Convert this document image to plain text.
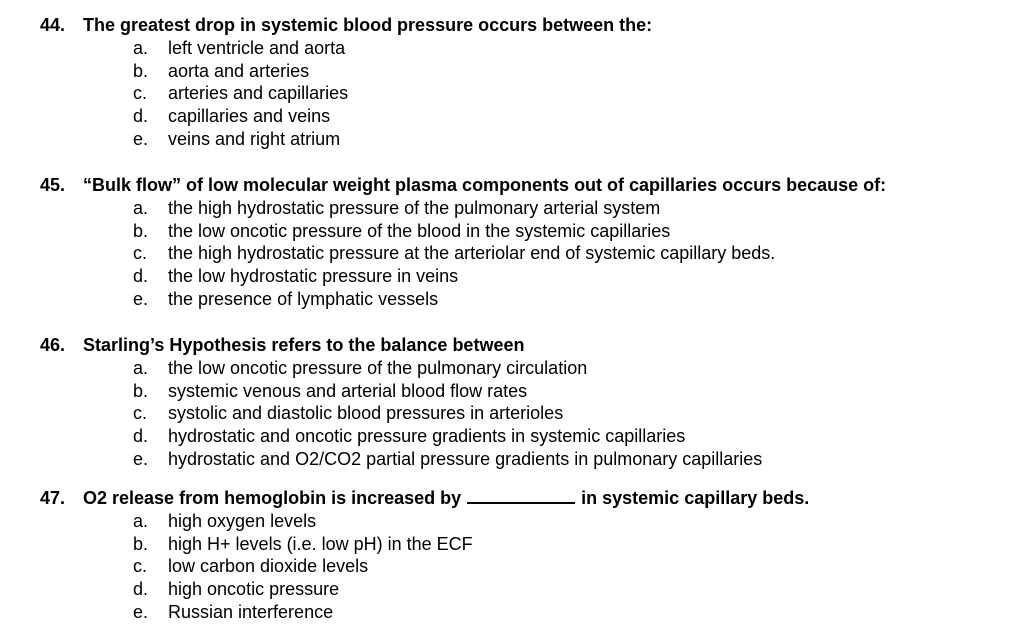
44. The greatest drop in systemic blood pressure occurs between the:
a. left ventricle and aorta
b. aorta and arteries
c. arteries and capillaries
d. capillaries and veins
e. veins and right atrium
45. “Bulk flow” of low molecular weight plasma components out of capillaries occurs because of:
a. the high hydrostatic pressure of the pulmonary arterial system
b. the low oncotic pressure of the blood in the systemic capillaries
c. the high hydrostatic pressure at the arteriolar end of systemic capillary beds.
d. the low hydrostatic pressure in veins
e. the presence of lymphatic vessels
46. Starling’s Hypothesis refers to the balance between
a. the low oncotic pressure of the pulmonary circulation
b. systemic venous and arterial blood flow rates
c. systolic and diastolic blood pressures in arterioles
d. hydrostatic and oncotic pressure gradients in systemic capillaries
e. hydrostatic and O2/CO2 partial pressure gradients in pulmonary capillaries
47. O2 release from hemoglobin is increased by	in systemic capillary beds.
a. high oxygen levels
b. high H+ levels (i.e. low pH) in the ECF
c. low carbon dioxide levels
d. high oncotic pressure
e. Russian interference
